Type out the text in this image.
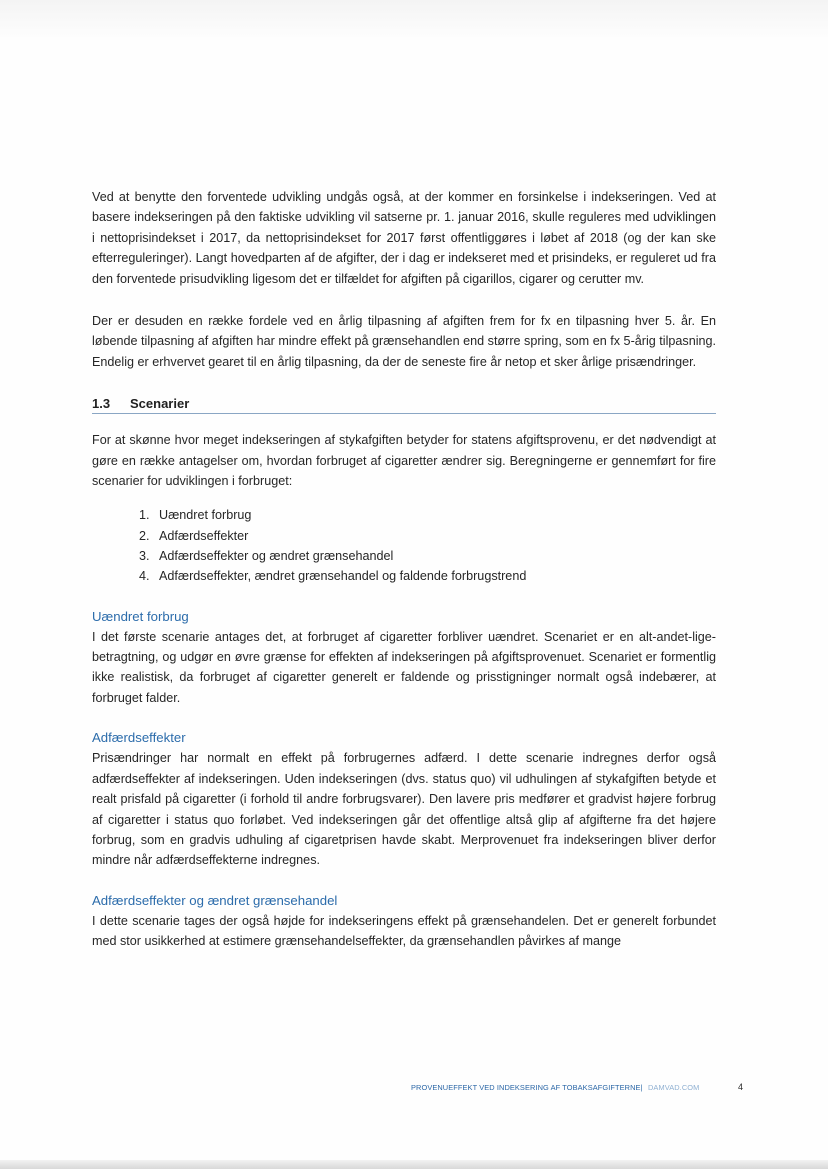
Ved at benytte den forventede udvikling undgås også, at der kommer en forsinkelse i indekseringen. Ved at basere indekseringen på den faktiske udvikling vil satserne pr. 1. januar 2016, skulle reguleres med udviklingen i nettoprisindekset i 2017, da nettoprisindekset for 2017 først offentliggøres i løbet af 2018 (og der kan ske efterreguleringer). Langt hovedparten af de afgifter, der i dag er indekseret med et prisindeks, er reguleret ud fra den forventede prisudvikling ligesom det er tilfældet for afgiften på cigarillos, cigarer og cerutter mv.

Der er desuden en række fordele ved en årlig tilpasning af afgiften frem for fx en tilpasning hver 5. år. En løbende tilpasning af afgiften har mindre effekt på grænsehandlen end større spring, som en fx 5-årig tilpasning. Endelig er erhvervet gearet til en årlig tilpasning, da der de seneste fire år netop et sker årlige prisændringer.

1.3	Scenarier

For at skønne hvor meget indekseringen af stykafgiften betyder for statens afgiftsprovenu, er det nødvendigt at gøre en række antagelser om, hvordan forbruget af cigaretter ændrer sig. Beregningerne er gennemført for fire scenarier for udviklingen i forbruget:

1. Uændret forbrug
2. Adfærdseffekter
3. Adfærdseffekter og ændret grænsehandel
4. Adfærdseffekter, ændret grænsehandel og faldende forbrugstrend
Uændret forbrug

I det første scenarie antages det, at forbruget af cigaretter forbliver uændret. Scenariet er en alt-andet-lige-betragtning, og udgør en øvre grænse for effekten af indekseringen på afgiftsprovenuet. Scenariet er formentlig ikke realistisk, da forbruget af cigaretter generelt er faldende og prisstigninger normalt også indebærer, at forbruget falder.

Adfærdseffekter

Prisændringer har normalt en effekt på forbrugernes adfærd. I dette scenarie indregnes derfor også adfærdseffekter af indekseringen. Uden indekseringen (dvs. status quo) vil udhulingen af stykafgiften betyde et realt prisfald på cigaretter (i forhold til andre forbrugsvarer). Den lavere pris medfører et gradvist højere forbrug af cigaretter i status quo forløbet. Ved indekseringen går det offentlige altså glip af afgifterne fra det højere forbrug, som en gradvis udhuling af cigaretprisen havde skabt. Merprovenuet fra indekseringen bliver derfor mindre når adfærdseffekterne indregnes.

Adfærdseffekter og ændret grænsehandel

I dette scenarie tages der også højde for indekseringens effekt på grænsehandelen. Det er generelt forbundet med stor usikkerhed at estimere grænsehandelseffekter, da grænsehandlen påvirkes af mange

PROVENUEFFEKT VED INDEKSERING AF TOBAKSAFGIFTERNE| DAMVAD.COM	4
